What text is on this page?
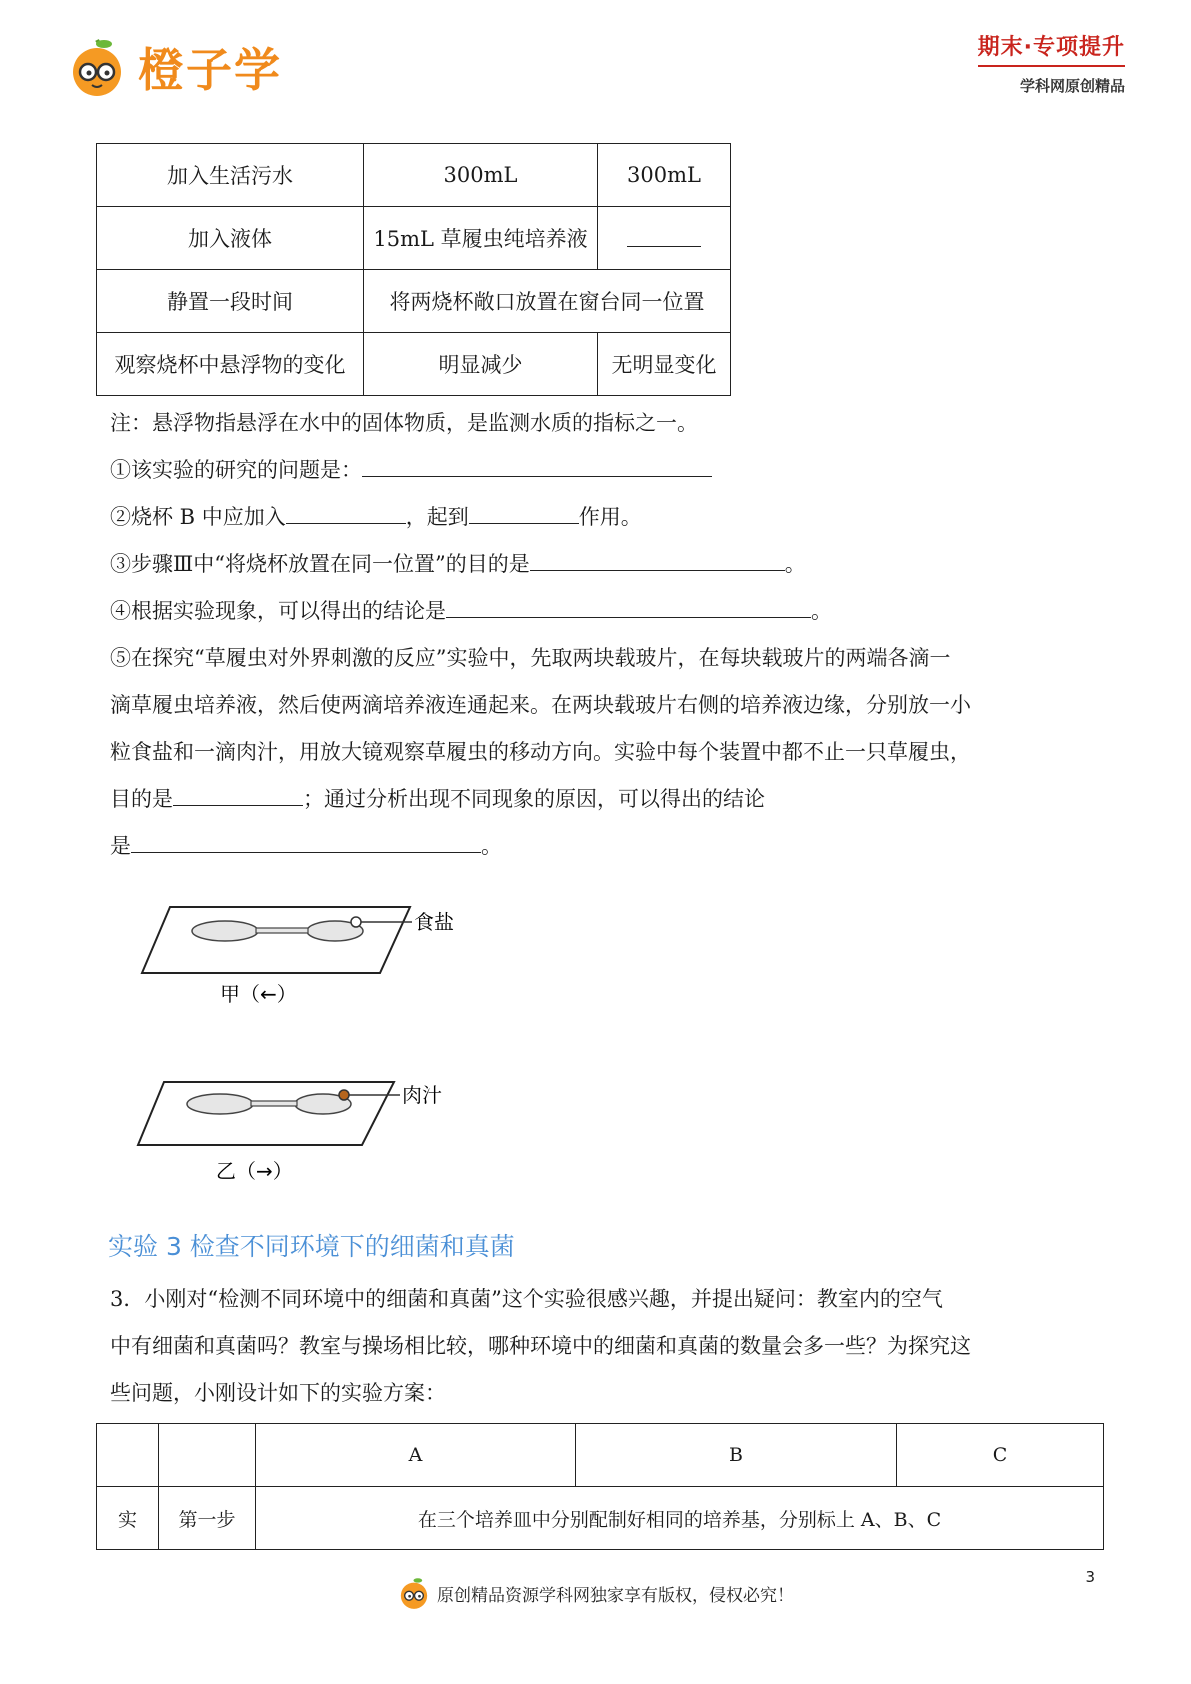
橙子学	期末·专项提升
学科网原创精品
加入生活污水	300mL	300mL
加入液体	15mL 草履虫纯培养液	
静置一段时间	将两烧杯敞口放置在窗台同一位置	
观察烧杯中悬浮物的变化	明显减少	无明显变化
注：悬浮物指悬浮在水中的固体物质，是监测水质的指标之一。
①该实验的研究的问题是：
②烧杯 B 中应加入	，起到	作用。
③步骤Ⅲ中“将烧杯放置在同一位置”的目的是	。
④根据实验现象，可以得出的结论是	。
⑤在探究“草履虫对外界刺激的反应”实验中，先取两块载玻片，在每块载玻片的两端各滴一
滴草履虫培养液，然后使两滴培养液连通起来。在两块载玻片右侧的培养液边缘，分别放一小
粒食盐和一滴肉汁，用放大镜观察草履虫的移动方向。实验中每个装置中都不止一只草履虫，
目的是	；通过分析出现不同现象的原因，可以得出的结论
是	。
食盐
甲（←）
肉汁
乙（→）
实验 3 检查不同环境下的细菌和真菌
3．小刚对“检测不同环境中的细菌和真菌”这个实验很感兴趣，并提出疑问：教室内的空气
中有细菌和真菌吗？教室与操场相比较，哪种环境中的细菌和真菌的数量会多一些？为探究这
些问题，小刚设计如下的实验方案：
		A	B	C
实	第一步	在三个培养皿中分别配制好相同的培养基，分别标上 A、B、C		
原创精品资源学科网独家享有版权，侵权必究！
3
